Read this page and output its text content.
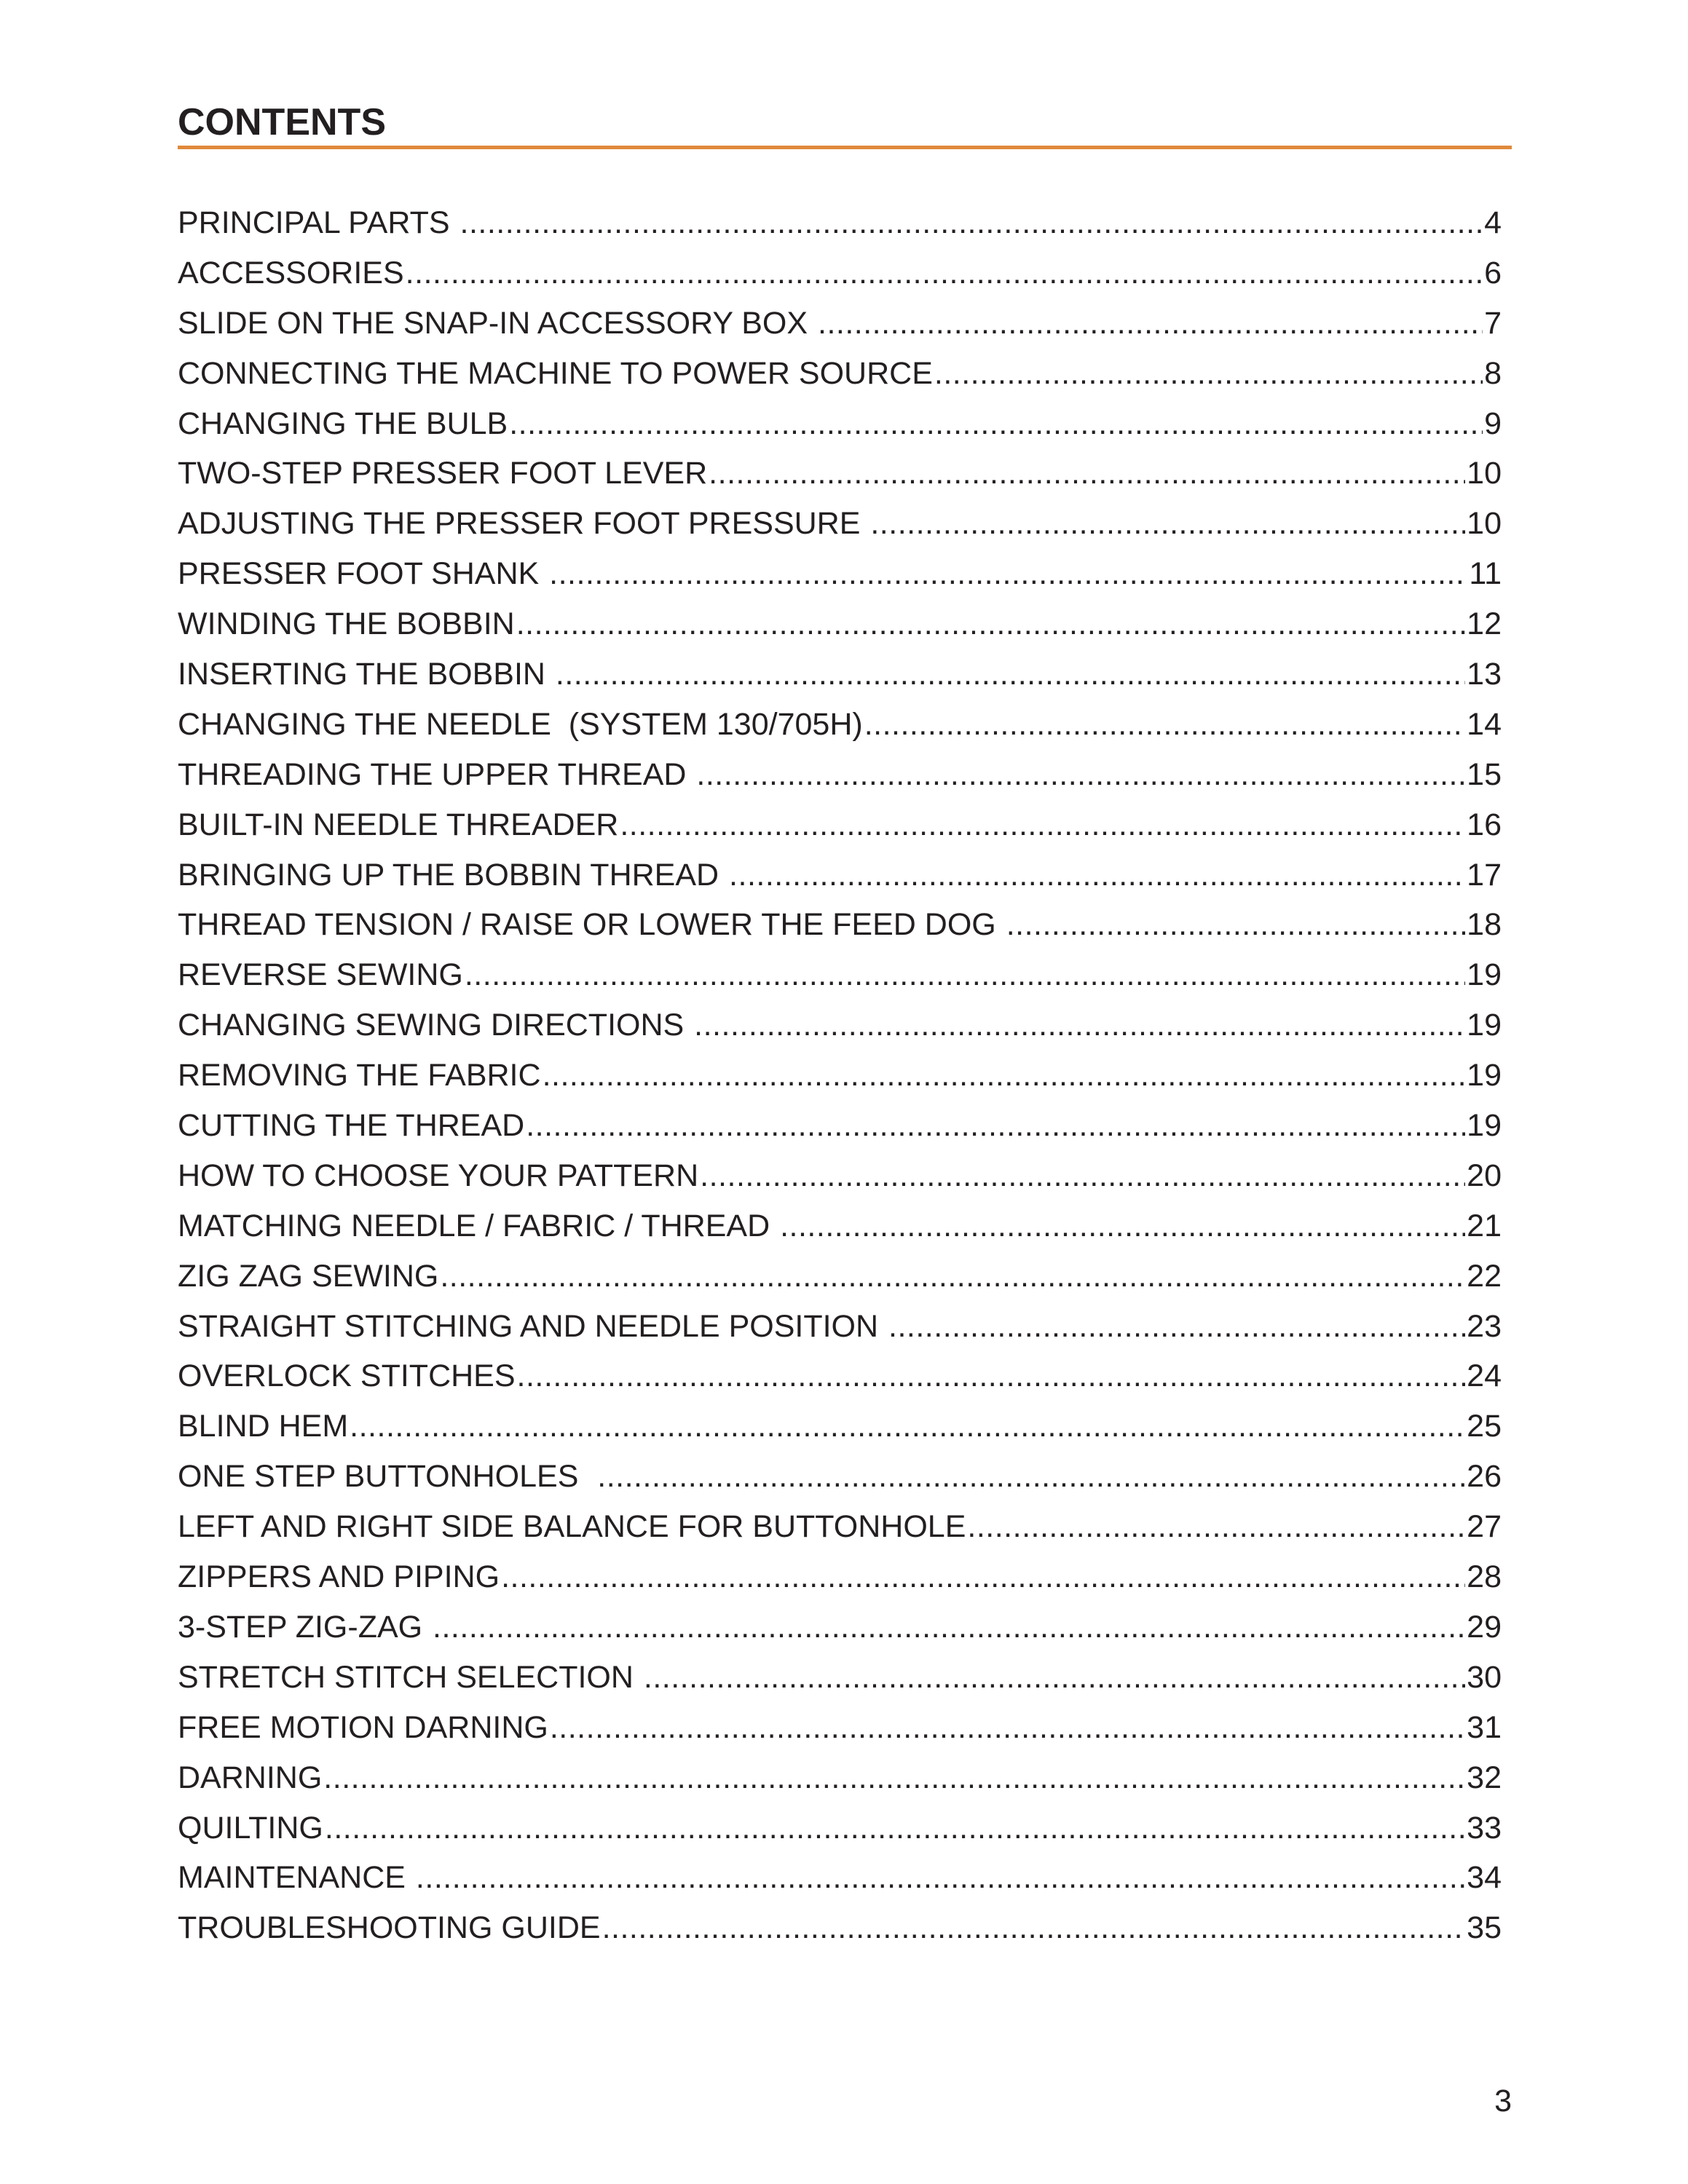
CONTENTS
PRINCIPAL PARTS .....	4
ACCESSORIES .....	6
SLIDE ON THE SNAP-IN ACCESSORY BOX .....	7
CONNECTING THE MACHINE TO POWER SOURCE .....	8
CHANGING THE BULB .....	9
TWO-STEP PRESSER FOOT LEVER .....	10
ADJUSTING THE PRESSER FOOT PRESSURE .....	10
PRESSER FOOT SHANK .....	11
WINDING THE BOBBIN .....	12
INSERTING THE BOBBIN .....	13
CHANGING THE NEEDLE  (SYSTEM 130/705H) .....	14
THREADING THE UPPER THREAD .....	15
BUILT-IN NEEDLE THREADER .....	16
BRINGING UP THE BOBBIN THREAD .....	17
THREAD TENSION / RAISE OR LOWER THE FEED DOG .....	18
REVERSE SEWING .....	19
CHANGING SEWING DIRECTIONS .....	19
REMOVING THE FABRIC .....	19
CUTTING THE THREAD .....	19
HOW TO CHOOSE YOUR PATTERN .....	20
MATCHING NEEDLE / FABRIC / THREAD .....	21
ZIG ZAG SEWING .....	22
STRAIGHT STITCHING AND NEEDLE POSITION .....	23
OVERLOCK STITCHES .....	24
BLIND HEM .....	25
ONE STEP BUTTONHOLES .....	26
LEFT AND RIGHT SIDE BALANCE FOR BUTTONHOLE .....	27
ZIPPERS AND PIPING .....	28
3-STEP ZIG-ZAG .....	29
STRETCH STITCH SELECTION .....	30
FREE MOTION DARNING .....	31
DARNING .....	32
QUILTING .....	33
MAINTENANCE .....	34
TROUBLESHOOTING GUIDE .....	35
3
